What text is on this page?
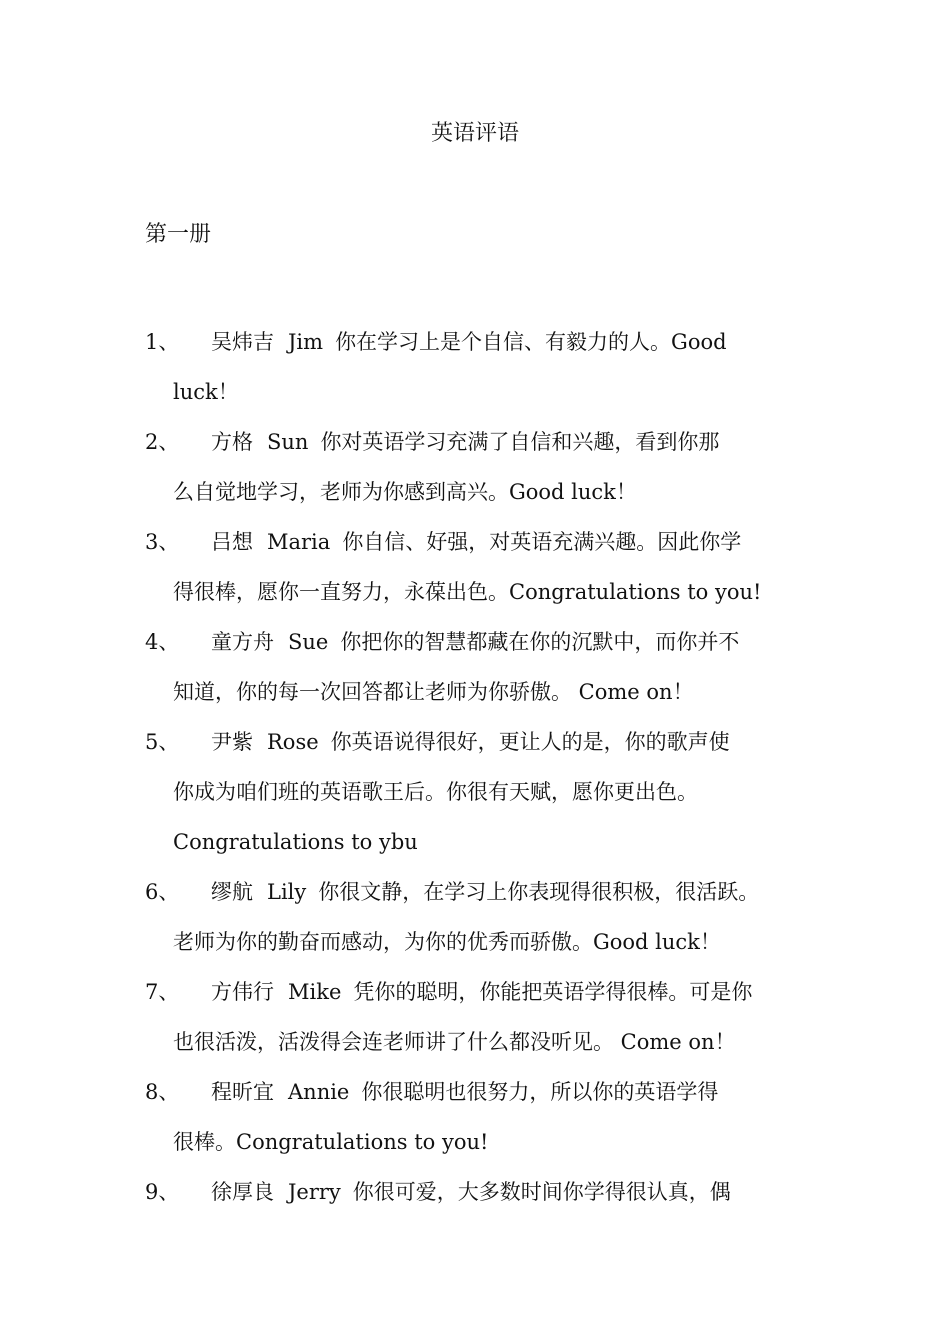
英语评语
第一册
1、 吴炜吉 Jim 你在学习上是个自信、有毅力的人。Good
luck！
2、 方格 Sun 你对英语学习充满了自信和兴趣，看到你那
么自觉地学习，老师为你感到高兴。Good luck！
3、 吕想 Maria 你自信、好强，对英语充满兴趣。因此你学
得很棒，愿你一直努力，永葆出色。Congratulations to you!
4、 童方舟 Sue 你把你的智慧都藏在你的沉默中，而你并不
知道，你的每一次回答都让老师为你骄傲。 Come on！
5、 尹紫 Rose 你英语说得很好，更让人的是，你的歌声使
你成为咱们班的英语歌王后。你很有天赋，愿你更出色。
Congratulations to ybu
6、 缪航 Lily 你很文静，在学习上你表现得很积极，很活跃。
老师为你的勤奋而感动，为你的优秀而骄傲。Good luck！
7、 方伟行 Mike 凭你的聪明，你能把英语学得很棒。可是你
也很活泼，活泼得会连老师讲了什么都没听见。 Come on！
8、 程昕宜 Annie 你很聪明也很努力，所以你的英语学得
很棒。Congratulations to you!
9、 徐厚良 Jerry 你很可爱，大多数时间你学得很认真，偶
